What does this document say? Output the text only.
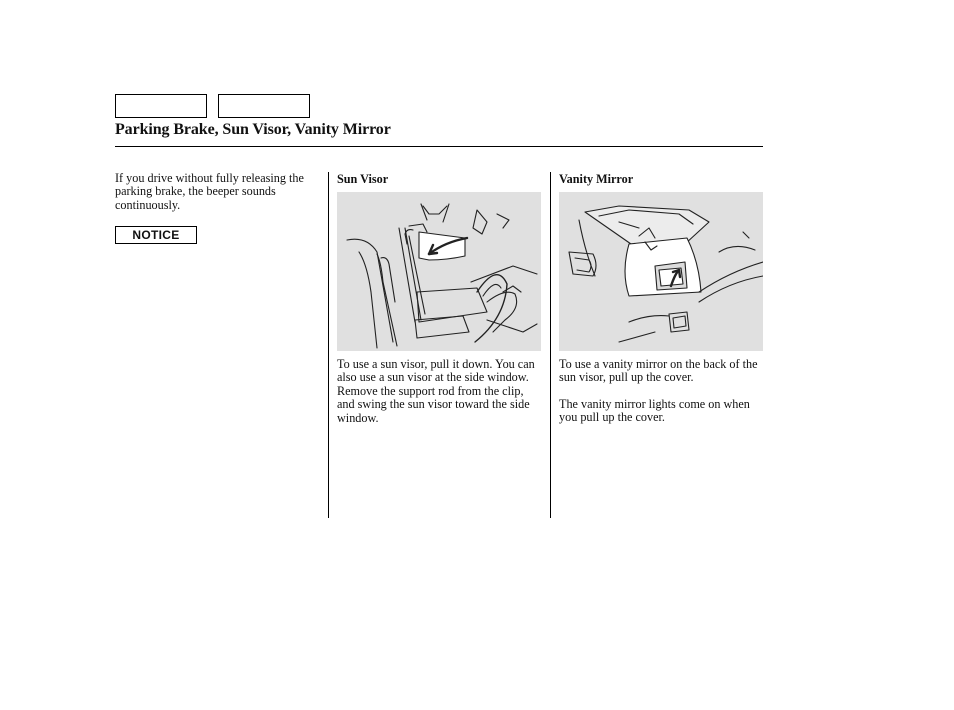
Parking Brake, Sun Visor, Vanity Mirror

If you drive without fully releasing the parking brake, the beeper sounds continuously.

NOTICE
Sun Visor

To use a sun visor, pull it down. You can also use a sun visor at the side window. Remove the support rod from the clip, and swing the sun visor toward the side window.

Vanity Mirror

To use a vanity mirror on the back of the sun visor, pull up the cover.

The vanity mirror lights come on when you pull up the cover.
